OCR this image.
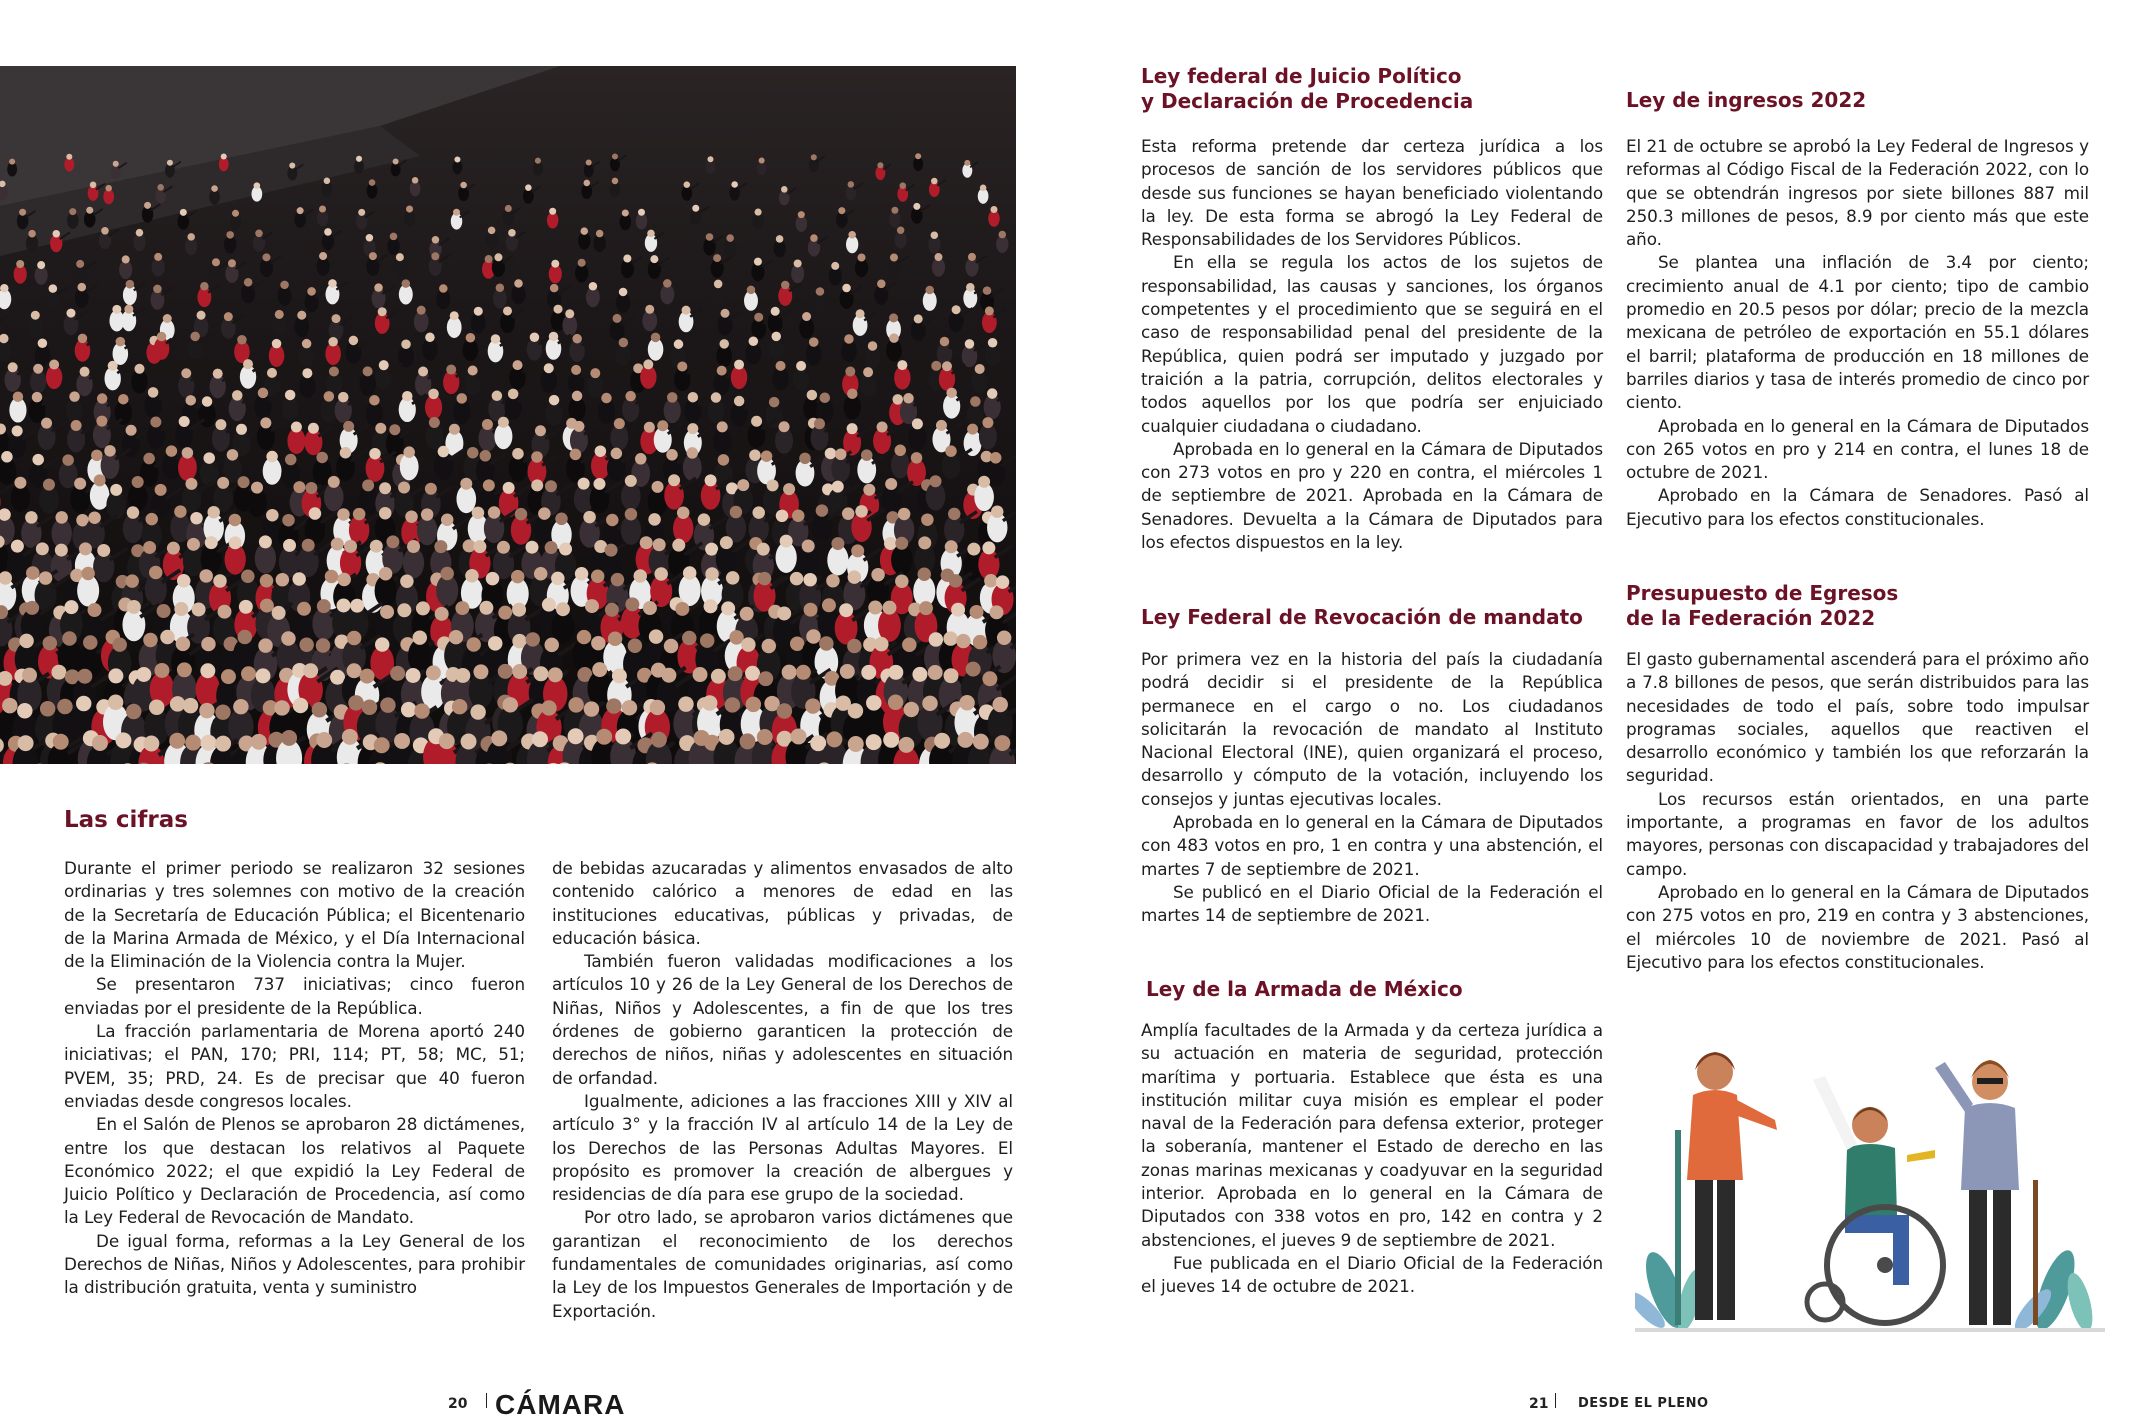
Las cifras

Durante el primer periodo se realizaron 32 sesiones ordinarias y tres solemnes con motivo de la creación de la Secretaría de Educación Pública; el Bicentenario de la Marina Armada de México, y el Día Internacional de la Eliminación de la Violencia contra la Mujer.

Se presentaron 737 iniciativas; cinco fueron enviadas por el presidente de la República.

La fracción parlamentaria de Morena aportó 240 iniciativas; el PAN, 170; PRI, 114; PT, 58; MC, 51; PVEM, 35; PRD, 24. Es de precisar que 40 fueron enviadas desde congresos locales.

En el Salón de Plenos se aprobaron 28 dictámenes, entre los que destacan los relativos al Paquete Económico 2022; el que expidió la Ley Federal de Juicio Político y Declaración de Procedencia, así como la Ley Federal de Revocación de Mandato.

De igual forma, reformas a la Ley General de los Derechos de Niñas, Niños y Adolescentes, para prohibir la distribución gratuita, venta y suministro

de bebidas azucaradas y alimentos envasados de alto contenido calórico a menores de edad en las instituciones educativas, públicas y privadas, de educación básica.

También fueron validadas modificaciones a los artículos 10 y 26 de la Ley General de los Derechos de Niñas, Niños y Adolescentes, a fin de que los tres órdenes de gobierno garanticen la protección de derechos de niños, niñas y adolescentes en situación de orfandad.

Igualmente, adiciones a las fracciones XIII y XIV al artículo 3° y la fracción IV al artículo 14 de la Ley de los Derechos de las Personas Adultas Mayores. El propósito es promover la creación de albergues y residencias de día para ese grupo de la sociedad.

Por otro lado, se aprobaron varios dictámenes que garantizan el reconocimiento de los derechos fundamentales de comunidades originarias, así como la Ley de los Impuestos Generales de Importación y de Exportación.

Ley federal de Juicio Político
y Declaración de Procedencia

Esta reforma pretende dar certeza jurídica a los procesos de sanción de los servidores públicos que desde sus funciones se hayan beneficiado violentando la ley. De esta forma se abrogó la Ley Federal de Responsabilidades de los Servidores Públicos.

En ella se regula los actos de los sujetos de responsabilidad, las causas y sanciones, los órganos competentes y el procedimiento que se seguirá en el caso de responsabilidad penal del presidente de la República, quien podrá ser imputado y juzgado por traición a la patria, corrupción, delitos electorales y todos aquellos por los que podría ser enjuiciado cualquier ciudadana o ciudadano.

Aprobada en lo general en la Cámara de Diputados con 273 votos en pro y 220 en contra, el miércoles 1 de septiembre de 2021. Aprobada en la Cámara de Senadores. Devuelta a la Cámara de Diputados para los efectos dispuestos en la ley.

Ley Federal de Revocación de mandato

Por primera vez en la historia del país la ciudadanía podrá decidir si el presidente de la República permanece en el cargo o no. Los ciudadanos solicitarán la revocación de mandato al Instituto Nacional Electoral (INE), quien organizará el proceso, desarrollo y cómputo de la votación, incluyendo los consejos y juntas ejecutivas locales.

Aprobada en lo general en la Cámara de Diputados con 483 votos en pro, 1 en contra y una abstención, el martes 7 de septiembre de 2021.

Se publicó en el Diario Oficial de la Federación el martes 14 de septiembre de 2021.

Ley de la Armada de México

Amplía facultades de la Armada y da certeza jurídica a su actuación en materia de seguridad, protección marítima y portuaria. Establece que ésta es una institución militar cuya misión es emplear el poder naval de la Federación para defensa exterior, proteger la soberanía, mantener el Estado de derecho en las zonas marinas mexicanas y coadyuvar en la seguridad interior. Aprobada en lo general en la Cámara de Diputados con 338 votos en pro, 142 en contra y 2 abstenciones, el jueves 9 de septiembre de 2021.

Fue publicada en el Diario Oficial de la Federación el jueves 14 de octubre de 2021.

Ley de ingresos 2022

El 21 de octubre se aprobó la Ley Federal de Ingresos y reformas al Código Fiscal de la Federación 2022, con lo que se obtendrán ingresos por siete billones 887 mil 250.3 millones de pesos, 8.9 por ciento más que este año.

Se plantea una inflación de 3.4 por ciento; crecimiento anual de 4.1 por ciento; tipo de cambio promedio en 20.5 pesos por dólar; precio de la mezcla mexicana de petróleo de exportación en 55.1 dólares el barril; plataforma de producción en 18 millones de barriles diarios y tasa de interés promedio de cinco por ciento.

Aprobada en lo general en la Cámara de Diputados con 265 votos en pro y 214 en contra, el lunes 18 de octubre de 2021.

Aprobado en la Cámara de Senadores. Pasó al Ejecutivo para los efectos constitucionales.

Presupuesto de Egresos
de la Federación 2022

El gasto gubernamental ascenderá para el próximo año a 7.8 billones de pesos, que serán distribuidos para las necesidades de todo el país, sobre todo impulsar programas sociales, aquellos que reactiven el desarrollo económico y también los que reforzarán la seguridad.

Los recursos están orientados, en una parte importante, a programas en favor de los adultos mayores, personas con discapacidad y trabajadores del campo.

Aprobado en lo general en la Cámara de Diputados con 275 votos en pro, 219 en contra y 3 abstenciones, el miércoles 10 de noviembre de 2021. Pasó al Ejecutivo para los efectos constitucionales.

20 CÁMARA	21 DESDE EL PLENO
